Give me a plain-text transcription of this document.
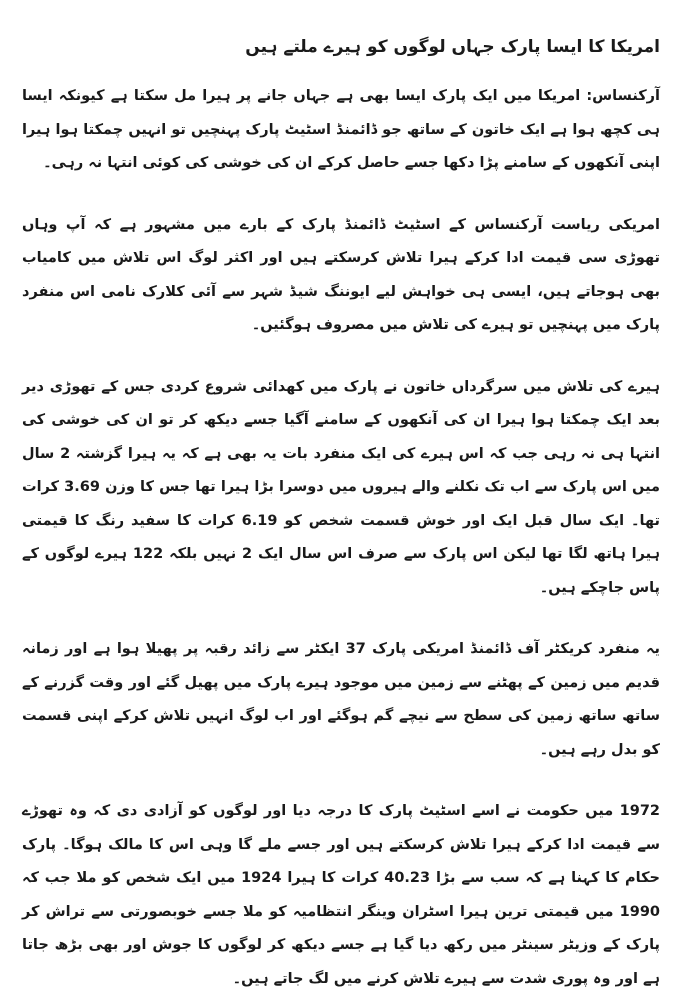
امریکا کا ایسا پارک جہاں لوگوں کو ہیرے ملتے ہیں

آرکنساس: امریکا میں ایک پارک ایسا بھی ہے جہاں جانے پر ہیرا مل سکتا ہے کیونکہ ایسا ہی کچھ ہوا ہے ایک خاتون کے ساتھ جو ڈائمنڈ اسٹیٹ پارک پہنچیں تو انہیں چمکتا ہوا ہیرا اپنی آنکھوں کے سامنے پڑا دکھا جسے حاصل کرکے ان کی خوشی کی کوئی انتہا نہ رہی۔

امریکی ریاست آرکنساس کے اسٹیٹ ڈائمنڈ پارک کے بارے میں مشہور ہے کہ آپ وہاں تھوڑی سی قیمت ادا کرکے ہیرا تلاش کرسکتے ہیں اور اکثر لوگ اس تلاش میں کامیاب بھی ہوجاتے ہیں، ایسی ہی خواہش لیے ایوننگ شیڈ شہر سے آئی کلارک نامی اس منفرد پارک میں پہنچیں تو ہیرے کی تلاش میں مصروف ہوگئیں۔

ہیرے کی تلاش میں سرگرداں خاتون نے پارک میں کھدائی شروع کردی جس کے تھوڑی دیر بعد ایک چمکتا ہوا ہیرا ان کی آنکھوں کے سامنے آگیا جسے دیکھ کر تو ان کی خوشی کی انتہا ہی نہ رہی جب کہ اس ہیرے کی ایک منفرد بات یہ بھی ہے کہ یہ ہیرا گزشتہ 2 سال میں اس پارک سے اب تک نکلنے والے ہیروں میں دوسرا بڑا ہیرا تھا جس کا وزن 3.69 کرات تھا۔ ایک سال قبل ایک اور خوش قسمت شخص کو 6.19 کرات کا سفید رنگ کا قیمتی ہیرا ہاتھ لگا تھا لیکن اس پارک سے صرف اس سال ایک 2 نہیں بلکہ 122 ہیرے لوگوں کے پاس جاچکے ہیں۔

یہ منفرد کریکٹر آف ڈائمنڈ امریکی پارک 37 ایکٹر سے زائد رقبہ پر پھیلا ہوا ہے اور زمانہ قدیم میں زمین کے پھٹنے سے زمین میں موجود ہیرے پارک میں پھیل گئے اور وقت گزرنے کے ساتھ ساتھ زمین کی سطح سے نیچے گم ہوگئے اور اب لوگ انہیں تلاش کرکے اپنی قسمت کو بدل رہے ہیں۔

1972 میں حکومت نے اسے اسٹیٹ پارک کا درجہ دیا اور لوگوں کو آزادی دی کہ وہ تھوڑے سے قیمت ادا کرکے ہیرا تلاش کرسکتے ہیں اور جسے ملے گا وہی اس کا مالک ہوگا۔ پارک حکام کا کہنا ہے کہ سب سے بڑا 40.23 کرات کا ہیرا 1924 میں ایک شخص کو ملا جب کہ 1990 میں قیمتی ترین ہیرا اسٹران وینگر انتظامیہ کو ملا جسے خوبصورتی سے تراش کر پارک کے وزیٹر سینٹر میں رکھ دیا گیا ہے جسے دیکھ کر لوگوں کا جوش اور بھی بڑھ جاتا ہے اور وہ پوری شدت سے ہیرے تلاش کرنے میں لگ جاتے ہیں۔
